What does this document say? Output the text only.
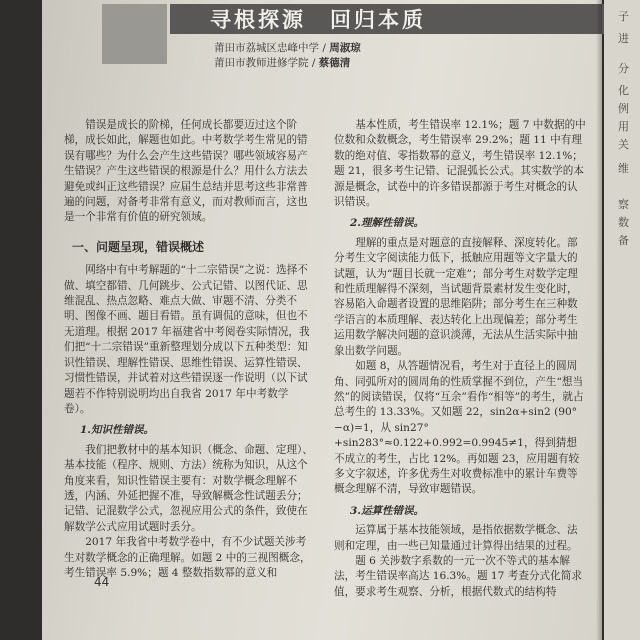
寻根探源　回归本质
莆田市荔城区忠峰中学 / 周淑琼
莆田市教师进修学院 / 蔡德清

错误是成长的阶梯，任何成长都要迈过这个阶梯，成长如此，解题也如此。中考数学考生常见的错误有哪些？为什么会产生这些错误？哪些领域容易产生错误？产生这些错误的根源是什么？用什么方法去避免或纠正这些错误？应届生总结并思考这些非常普遍的问题，对备考非常有意义，而对教师而言，这也是一个非常有价值的研究领域。

一、问题呈现，错误概述

网络中有中考解题的“十二宗错误”之说：选择不做、填空都错、几何跳步、公式记错、以图代证、思维混乱、热点忽略、难点大做、审题不清、分类不明、图像不画、题目看错。虽有调侃的意味，但也不无道理。根据 2017 年福建省中考阅卷实际情况，我们把“十二宗错误”重新整理划分成以下五种类型：知识性错误、理解性错误、思维性错误、运算性错误、习惯性错误，并试着对这些错误逐一作说明（以下试题若不作特别说明均出自我省 2017 年中考数学卷）。

1.知识性错误。

我们把教材中的基本知识（概念、命题、定理）、基本技能（程序、规则、方法）统称为知识，从这个角度来看，知识性错误主要有：对数学概念理解不透，内涵、外延把握不准，导致解概念性试题丢分；记错、记混数学公式，忽视应用公式的条件，致使在解数学公式应用试题时丢分。

2017 年我省中考数学卷中，有不少试题关涉考生对数学概念的正确理解。如题 2 中的三视图概念，考生错误率 5.9%；题 4 整数指数幂的意义和

基本性质，考生错误率 12.1%；题 7 中数据的中位数和众数概念，考生错误率 29.2%；题 11 中有理数的绝对值、零指数幂的意义，考生错误率 12.1%；题 21，很多考生记错、记混弧长公式。其实数学的本源是概念，试卷中的许多错误都源于考生对概念的认识错误。

2.理解性错误。

理解的重点是对题意的直接解释、深度转化。部分考生文字阅读能力低下，抵触应用题等文字量大的试题，认为“题目长就一定难”；部分考生对数学定理和性质理解得不深刻，当试题背景素材发生变化时，容易陷入命题者设置的思维陷阱；部分考生在三种数学语言的本质理解、表达转化上出现偏差；部分考生运用数学解决问题的意识淡薄，无法从生活实际中抽象出数学问题。

如题 8，从答题情况看，考生对于直径上的圆周角、同弧所对的圆周角的性质掌握不到位，产生“想当然”的阅读错误，仅将“互余”看作“相等”的考生，就占总考生的 13.33%。又如题 22，sin2α+sin2 (90°−α)=1，从 sin27°+sin283°≈0.122+0.992=0.9945≠1，得到猜想不成立的考生，占比 12%。再如题 23，应用题有较多文字叙述，许多优秀生对收费标准中的累计车费等概念理解不清，导致审题错误。

3.运算性错误。

运算属于基本技能领域，是指依据数学概念、法则和定理，由一些已知量通过计算得出结果的过程。

题 6 关涉数字系数的一元一次不等式的基本解法，考生错误率高达 16.3%。题 17 考查分式化简求值，要求考生观察、分析，根据代数式的结构特

44
子
进
分
化
例
用
关
维
察
数
备
